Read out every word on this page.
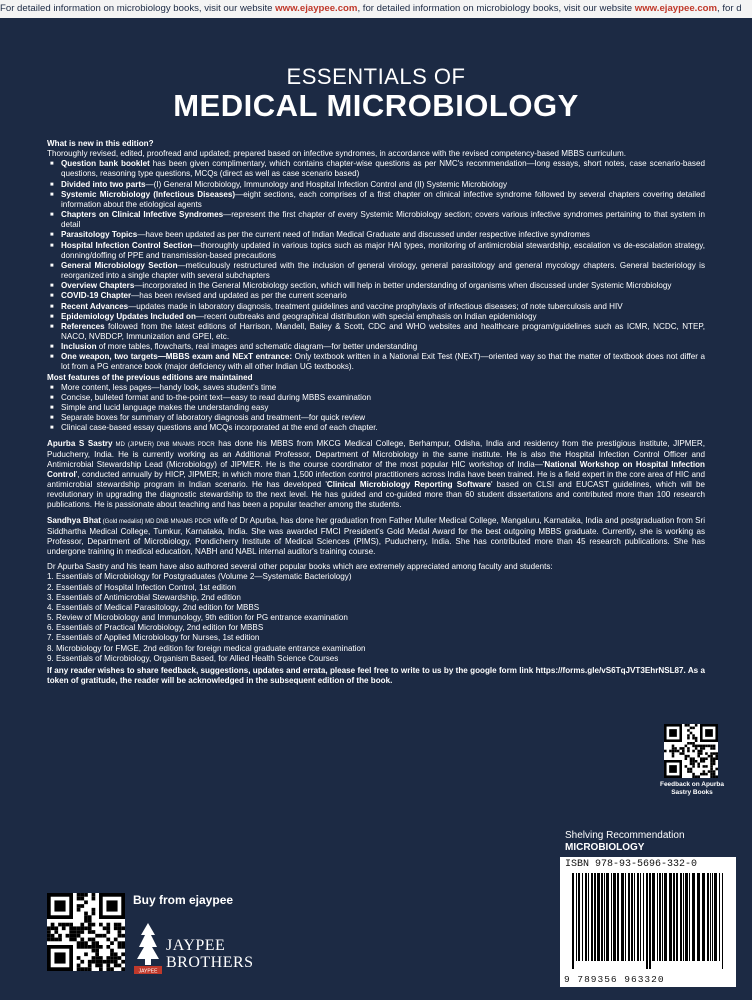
For detailed information on microbiology books, visit our website www.ejaypee.com, for detailed information on microbiology books, visit our website www.ejaypee.com, for d
ESSENTIALS OF
MEDICAL MICROBIOLOGY

What is new in this edition?

Thoroughly revised, edited, proofread and updated; prepared based on infective syndromes, in accordance with the revised competency-based MBBS curriculum.

■ Question bank booklet has been given complimentary, which contains chapter-wise questions as per NMC's recommendation—long essays, short notes, case scenario-based questions, reasoning type questions, MCQs (direct as well as case scenario based)
■ Divided into two parts—(I) General Microbiology, Immunology and Hospital Infection Control and (II) Systemic Microbiology
■ Systemic Microbiology (Infectious Diseases)—eight sections, each comprises of a first chapter on clinical infective syndrome followed by several chapters covering detailed information about the etiological agents
■ Chapters on Clinical Infective Syndromes—represent the first chapter of every Systemic Microbiology section; covers various infective syndromes pertaining to that system in detail
■ Parasitology Topics—have been updated as per the current need of Indian Medical Graduate and discussed under respective infective syndromes
■ Hospital Infection Control Section—thoroughly updated in various topics such as major HAI types, monitoring of antimicrobial stewardship, escalation vs de-escalation strategy, donning/doffing of PPE and transmission-based precautions
■ General Microbiology Section—meticulously restructured with the inclusion of general virology, general parasitology and general mycology chapters. General bacteriology is reorganized into a single chapter with several subchapters
■ Overview Chapters—incorporated in the General Microbiology section, which will help in better understanding of organisms when discussed under Systemic Microbiology
■ COVID-19 Chapter—has been revised and updated as per the current scenario
■ Recent Advances—updates made in laboratory diagnosis, treatment guidelines and vaccine prophylaxis of infectious diseases; of note tuberculosis and HIV
■ Epidemiology Updates Included on—recent outbreaks and geographical distribution with special emphasis on Indian epidemiology
■ References followed from the latest editions of Harrison, Mandell, Bailey & Scott, CDC and WHO websites and healthcare program/guidelines such as ICMR, NCDC, NTEP, NACO, NVBDCP, Immunization and GPEI, etc.
■ Inclusion of more tables, flowcharts, real images and schematic diagram—for better understanding
■ One weapon, two targets—MBBS exam and NExT entrance: Only textbook written in a National Exit Test (NExT)—oriented way so that the matter of textbook does not differ a lot from a PG entrance book (major deficiency with all other Indian UG textbooks).

Most features of the previous editions are maintained

■ More content, less pages—handy look, saves student's time
■ Concise, bulleted format and to-the-point text—easy to read during MBBS examination
■ Simple and lucid language makes the understanding easy
■ Separate boxes for summary of laboratory diagnosis and treatment—for quick review
■ Clinical case-based essay questions and MCQs incorporated at the end of each chapter.

Apurba S Sastry MD (JIPMER) DNB MNAMS PDCR has done his MBBS from MKCG Medical College, Berhampur, Odisha, India and residency from the prestigious institute, JIPMER, Puducherry, India. He is currently working as an Additional Professor, Department of Microbiology in the same institute. He is also the Hospital Infection Control Officer and Antimicrobial Stewardship Lead (Microbiology) of JIPMER. He is the course coordinator of the most popular HIC workshop of India—'National Workshop on Hospital Infection Control', conducted annually by HICP, JIPMER; in which more than 1,500 infection control practitioners across India have been trained. He is a field expert in the core area of HIC and antimicrobial stewardship program in Indian scenario. He has developed 'Clinical Microbiology Reporting Software' based on CLSI and EUCAST guidelines, which will be revolutionary in upgrading the diagnostic stewardship to the next level. He has guided and co-guided more than 60 student dissertations and contributed more than 100 research publications. He is passionate about teaching and has been a popular teacher among the students.

Sandhya Bhat (Gold medalist) MD DNB MNAMS PDCR wife of Dr Apurba, has done her graduation from Father Muller Medical College, Mangaluru, Karnataka, India and postgraduation from Sri Siddhartha Medical College, Tumkur, Karnataka, India. She was awarded FMCI President's Gold Medal Award for the best outgoing MBBS graduate. Currently, she is working as Professor, Department of Microbiology, Pondicherry Institute of Medical Sciences (PIMS), Puducherry, India. She has contributed more than 45 research publications. She has undergone training in medical education, NABH and NABL internal auditor's training course.

Dr Apurba Sastry and his team have also authored several other popular books which are extremely appreciated among faculty and students:

1. Essentials of Microbiology for Postgraduates (Volume 2—Systematic Bacteriology)
2. Essentials of Hospital Infection Control, 1st edition
3. Essentials of Antimicrobial Stewardship, 2nd edition
4. Essentials of Medical Parasitology, 2nd edition for MBBS
5. Review of Microbiology and Immunology, 9th edition for PG entrance examination
6. Essentials of Practical Microbiology, 2nd edition for MBBS
7. Essentials of Applied Microbiology for Nurses, 1st edition
8. Microbiology for FMGE, 2nd edition for foreign medical graduate entrance examination
9. Essentials of Microbiology, Organism Based, for Allied Health Science Courses

If any reader wishes to share feedback, suggestions, updates and errata, please feel free to write to us by the google form link https://forms.gle/vS6TqJVT3EhrNSL87. As a token of gratitude, the reader will be acknowledged in the subsequent edition of the book.

Feedback on Apurba Sastry Books
Shelving Recommendation
MICROBIOLOGY
ISBN 978-93-5696-332-0
9 789356 963320
Buy from ejaypee
JAYPEE
JAYPEE
BROTHERS
